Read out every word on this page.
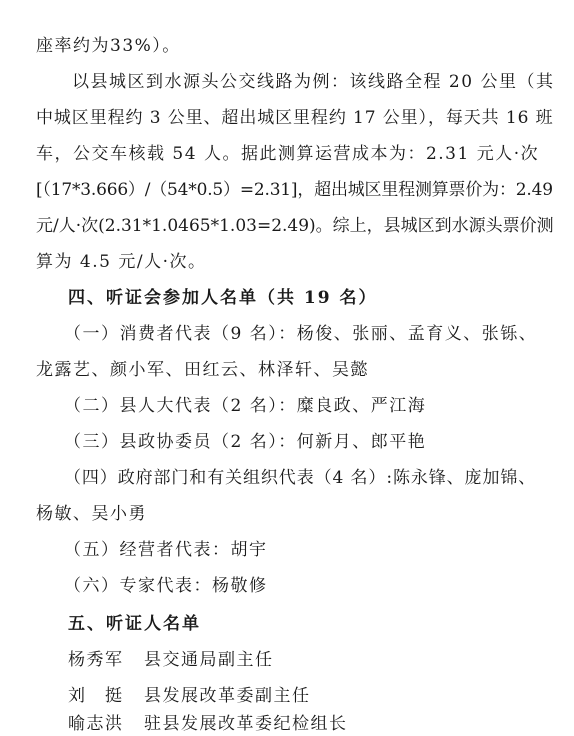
座率约为33%）。
以县城区到水源头公交线路为例：该线路全程 20 公里（其
中城区里程约 3 公里、超出城区里程约 17 公里），每天共 16 班
车，公交车核载 54 人。据此测算运营成本为：2.31 元人·次
[（17*3.666）/（54*0.5）=2.31]，超出城区里程测算票价为：2.49
元/人·次(2.31*1.0465*1.03=2.49)。综上，县城区到水源头票价测
算为 4.5 元/人·次。
四、听证会参加人名单（共 19 名）
（一）消费者代表（9 名）：杨俊、张丽、孟育义、张铄、
龙露艺、颜小军、田红云、林泽轩、吴懿
（二）县人大代表（2 名）：糜良政、严江海
（三）县政协委员（2 名）：何新月、郎平艳
（四）政府部门和有关组织代表（4 名）:陈永锋、庞加锦、
杨敏、吴小勇
（五）经营者代表：胡宇
（六）专家代表：杨敬修
五、听证人名单
杨秀军 县交通局副主任
刘　挺 县发展改革委副主任
喻志洪 驻县发展改革委纪检组长
